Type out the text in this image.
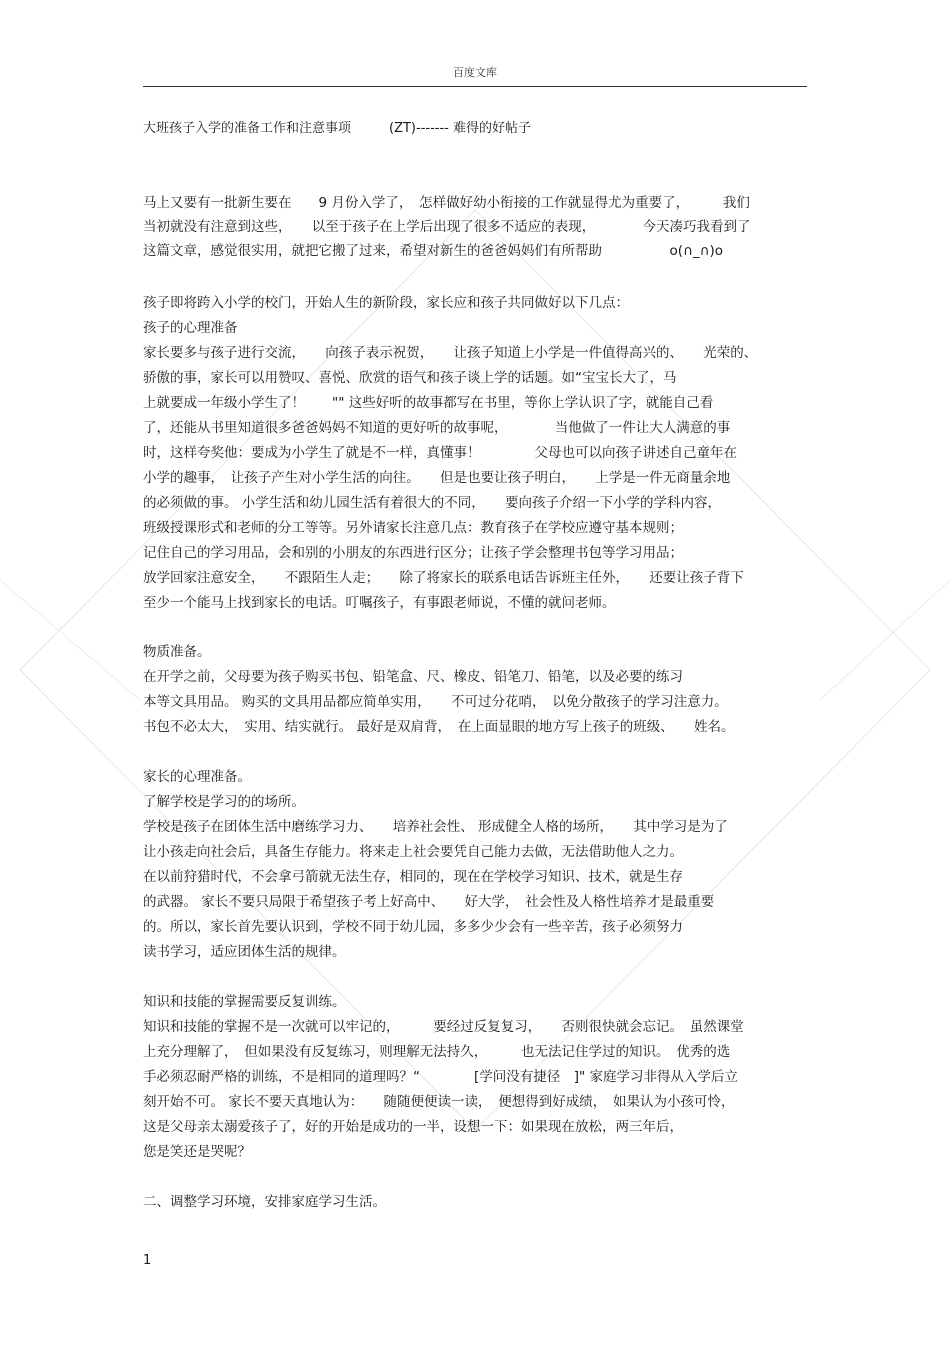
百度文库
大班孩子入学的准备工作和注意事项	(ZT)------- 难得的好帖子
马上又要有一批新生要在　　9 月份入学了，　怎样做好幼小衔接的工作就显得尤为重要了，　　　我们
当初就没有注意到这些，　　以至于孩子在上学后出现了很多不适应的表现，　　　　今天凑巧我看到了
这篇文章，感觉很实用，就把它搬了过来，希望对新生的爸爸妈妈们有所帮助　　　　　o(∩_∩)o
孩子即将跨入小学的校门，开始人生的新阶段，家长应和孩子共同做好以下几点：
孩子的心理准备
家长要多与孩子进行交流，　　向孩子表示祝贺，　　让孩子知道上小学是一件值得高兴的、　　光荣的、
骄傲的事，家长可以用赞叹、喜悦、欣赏的语气和孩子谈上学的话题。如“宝宝长大了，马
上就要成一年级小学生了！　　"" 这些好听的故事都写在书里，等你上学认识了字，就能自己看
了，还能从书里知道很多爸爸妈妈不知道的更好听的故事呢，　　　　当他做了一件让大人满意的事
时，这样夸奖他：要成为小学生了就是不一样，真懂事！　　　　父母也可以向孩子讲述自己童年在
小学的趣事，　让孩子产生对小学生活的向往。　　但是也要让孩子明白，　　上学是一件无商量余地
的必须做的事。 小学生活和幼儿园生活有着很大的不同，　　要向孩子介绍一下小学的学科内容，
班级授课形式和老师的分工等等。另外请家长注意几点：教育孩子在学校应遵守基本规则；
记住自己的学习用品，会和别的小朋友的东西进行区分；让孩子学会整理书包等学习用品；
放学回家注意安全，　　不跟陌生人走；　　除了将家长的联系电话告诉班主任外，　　还要让孩子背下
至少一个能马上找到家长的电话。叮嘱孩子，有事跟老师说，不懂的就问老师。
物质准备。
在开学之前，父母要为孩子购买书包、铅笔盒、尺、橡皮、铅笔刀、铅笔，以及必要的练习
本等文具用品。 购买的文具用品都应简单实用，　　不可过分花哨，　以免分散孩子的学习注意力。
书包不必太大，　实用、结实就行。 最好是双肩背，　在上面显眼的地方写上孩子的班级、　　姓名。
家长的心理准备。
了解学校是学习的的场所。
学校是孩子在团体生活中磨练学习力、　　培养社会性、 形成健全人格的场所，　　其中学习是为了
让小孩走向社会后，具备生存能力。将来走上社会要凭自己能力去做，无法借助他人之力。
在以前狩猎时代，不会拿弓箭就无法生存，相同的，现在在学校学习知识、技术，就是生存
的武器。 家长不要只局限于希望孩子考上好高中、　　好大学，　社会性及人格性培养才是最重要
的。所以，家长首先要认识到，学校不同于幼儿园，多多少少会有一些辛苦，孩子必须努力
读书学习，适应团体生活的规律。
知识和技能的掌握需要反复训练。
知识和技能的掌握不是一次就可以牢记的，　　　要经过反复复习，　　否则很快就会忘记。　虽然课堂
上充分理解了，　但如果没有反复练习，则理解无法持久，　　　也无法记住学过的知识。　优秀的选
手必须忍耐严格的训练，不是相同的道理吗？“　　　　[学问没有捷径　]" 家庭学习非得从入学后立
刻开始不可。 家长不要天真地认为：　　随随便便读一读，　便想得到好成绩，　如果认为小孩可怜，
这是父母亲太溺爱孩子了，好的开始是成功的一半，设想一下：如果现在放松，两三年后，
您是笑还是哭呢？
二、调整学习环境，安排家庭学习生活。
1
